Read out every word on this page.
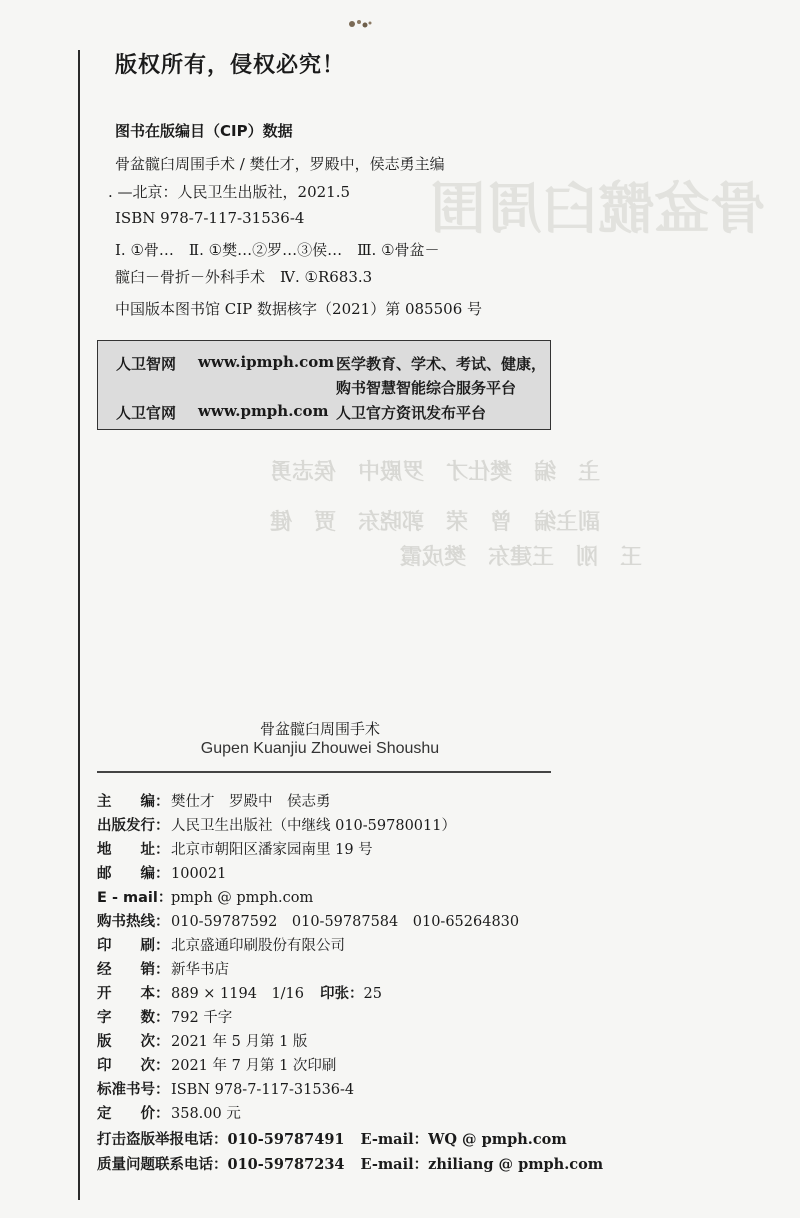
骨盆髋臼周围
主　编　樊仕才　罗殿中　侯志勇
副主编　曾　荣　郭晓东　贾　健
王　刚　王建东　樊成霞
版权所有，侵权必究！
图书在版编目（CIP）数据
骨盆髋臼周围手术 / 樊仕才，罗殿中，侯志勇主编
. —北京：人民卫生出版社，2021.5
ISBN 978-7-117-31536-4
Ⅰ. ①骨…　Ⅱ. ①樊…②罗…③侯…　Ⅲ. ①骨盆－
髋臼－骨折－外科手术　Ⅳ. ①R683.3
中国版本图书馆 CIP 数据核字（2021）第 085506 号
人卫智网 www.ipmph.com 医学教育、学术、考试、健康，
购书智慧智能综合服务平台
人卫官网 www.pmph.com 人卫官方资讯发布平台
骨盆髋臼周围手术
Gupen Kuanjiu Zhouwei Shoushu
主　　编： 樊仕才　罗殿中　侯志勇
出版发行： 人民卫生出版社（中继线 010-59780011）
地　　址： 北京市朝阳区潘家园南里 19 号
邮　　编： 100021
E - mail：pmph @ pmph.com
购书热线： 010-59787592　010-59787584　010-65264830
印　　刷： 北京盛通印刷股份有限公司
经　　销： 新华书店
开　　本： 889 × 1194　1/16 印张：25
字　　数： 792 千字
版　　次： 2021 年 5 月第 1 版
印　　次： 2021 年 7 月第 1 次印刷
标准书号： ISBN 978-7-117-31536-4
定　　价： 358.00 元
打击盗版举报电话：010-59787491 E-mail：WQ @ pmph.com
质量问题联系电话：010-59787234 E-mail：zhiliang @ pmph.com
